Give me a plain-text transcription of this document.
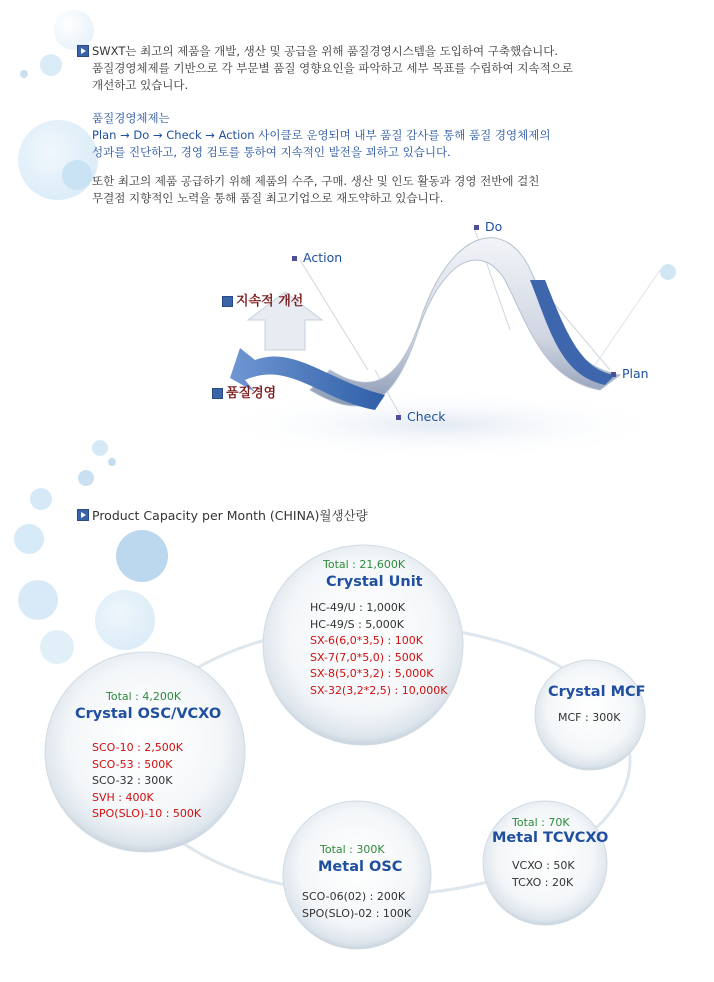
SWXT는 최고의 제품을 개발, 생산 및 공급을 위해 품질경영시스템을 도입하여 구축했습니다.

품질경영체제를 기반으로 각 부문별 품질 영향요인을 파악하고 세부 목표를 수립하여 지속적으로

개선하고 있습니다.

품질경영체제는

Plan → Do → Check → Action 사이클로 운영되며 내부 품질 감사를 통해 품질 경영체제의

성과를 진단하고, 경영 검토를 통하여 지속적인 발전을 꾀하고 있습니다.

또한 최고의 제품 공급하기 위해 제품의 수주, 구매. 생산 및 인도 활동과 경영 전반에 걸친

무결점 지향적인 노력을 통해 품질 최고기업으로 재도약하고 있습니다.

Do
Action
Plan
Check
지속적 개선
품질경영
Product Capacity per Month (CHINA)월생산량
Total : 21,600K
Crystal Unit
HC-49/U : 1,000K
HC-49/S : 5,000K
SX-6(6,0*3,5) : 100K
SX-7(7,0*5,0) : 500K
SX-8(5,0*3,2) : 5,000K
SX-32(3,2*2,5) : 10,000K
Total : 4,200K
Crystal OSC/VCXO
SCO-10 : 2,500K
SCO-53 : 500K
SCO-32 : 300K
SVH : 400K
SPO(SLO)-10 : 500K
Crystal MCF
MCF : 300K
Total : 70K
Metal TCVCXO
VCXO : 50K
TCXO : 20K
Total : 300K
Metal OSC
SCO-06(02) : 200K
SPO(SLO)-02 : 100K
